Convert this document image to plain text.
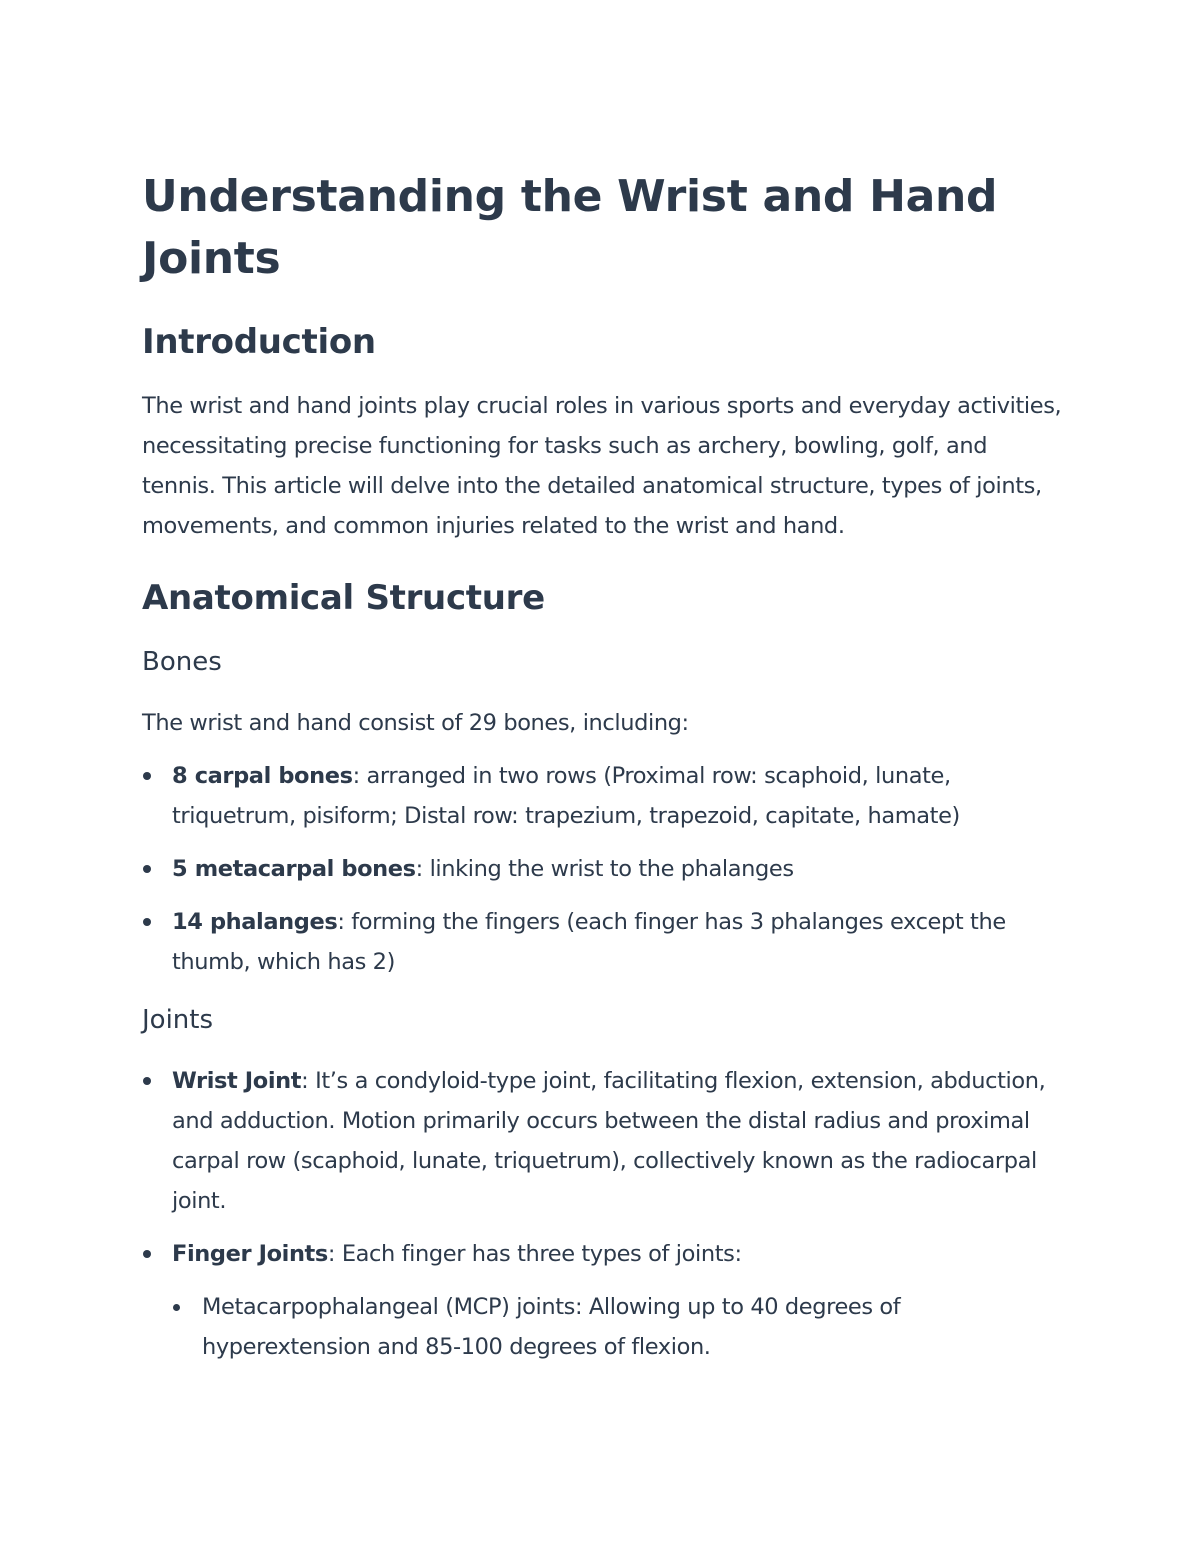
Understanding the Wrist and Hand Joints
Introduction

The wrist and hand joints play crucial roles in various sports and everyday activities, necessitating precise functioning for tasks such as archery, bowling, golf, and tennis. This article will delve into the detailed anatomical structure, types of joints, movements, and common injuries related to the wrist and hand.

Anatomical Structure
Bones

The wrist and hand consist of 29 bones, including:

8 carpal bones: arranged in two rows (Proximal row: scaphoid, lunate, triquetrum, pisiform; Distal row: trapezium, trapezoid, capitate, hamate)
5 metacarpal bones: linking the wrist to the phalanges
14 phalanges: forming the fingers (each finger has 3 phalanges except the thumb, which has 2)
Joints
Wrist Joint: It’s a condyloid-type joint, facilitating flexion, extension, abduction, and adduction. Motion primarily occurs between the distal radius and proximal carpal row (scaphoid, lunate, triquetrum), collectively known as the radiocarpal joint.
Finger Joints: Each finger has three types of joints:
Metacarpophalangeal (MCP) joints: Allowing up to 40 degrees of hyperextension and 85-100 degrees of flexion.
